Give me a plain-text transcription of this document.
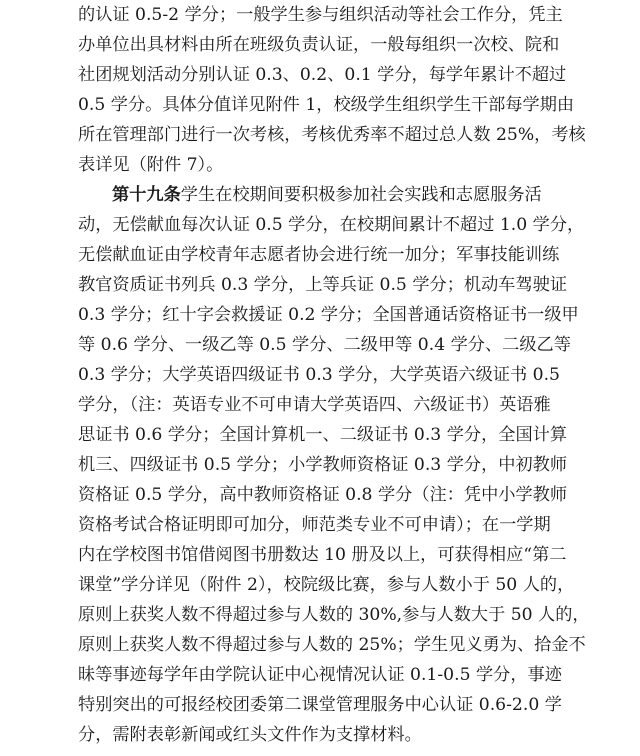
的认证 0.5-2 学分；一般学生参与组织活动等社会工作分，凭主
办单位出具材料由所在班级负责认证，一般每组织一次校、院和
社团规划活动分别认证 0.3、0.2、0.1 学分，每学年累计不超过
0.5 学分。具体分值详见附件 1，校级学生组织学生干部每学期由
所在管理部门进行一次考核，考核优秀率不超过总人数 25%，考核
表详见（附件 7）。
第十九条学生在校期间要积极参加社会实践和志愿服务活
动，无偿献血每次认证 0.5 学分，在校期间累计不超过 1.0 学分，
无偿献血证由学校青年志愿者协会进行统一加分；军事技能训练
教官资质证书列兵 0.3 学分，上等兵证 0.5 学分；机动车驾驶证
0.3 学分；红十字会救援证 0.2 学分；全国普通话资格证书一级甲
等 0.6 学分、一级乙等 0.5 学分、二级甲等 0.4 学分、二级乙等
0.3 学分；大学英语四级证书 0.3 学分，大学英语六级证书 0.5
学分，（注：英语专业不可申请大学英语四、六级证书）英语雅
思证书 0.6 学分；全国计算机一、二级证书 0.3 学分，全国计算
机三、四级证书 0.5 学分；小学教师资格证 0.3 学分，中初教师
资格证 0.5 学分，高中教师资格证 0.8 学分（注：凭中小学教师
资格考试合格证明即可加分，师范类专业不可申请）；在一学期
内在学校图书馆借阅图书册数达 10 册及以上，可获得相应“第二
课堂”学分详见（附件 2），校院级比赛，参与人数小于 50 人的，
原则上获奖人数不得超过参与人数的 30%,参与人数大于 50 人的，
原则上获奖人数不得超过参与人数的 25%；学生见义勇为、拾金不
昧等事迹每学年由学院认证中心视情况认证 0.1-0.5 学分，事迹
特别突出的可报经校团委第二课堂管理服务中心认证 0.6-2.0 学
分，需附表彰新闻或红头文件作为支撑材料。
